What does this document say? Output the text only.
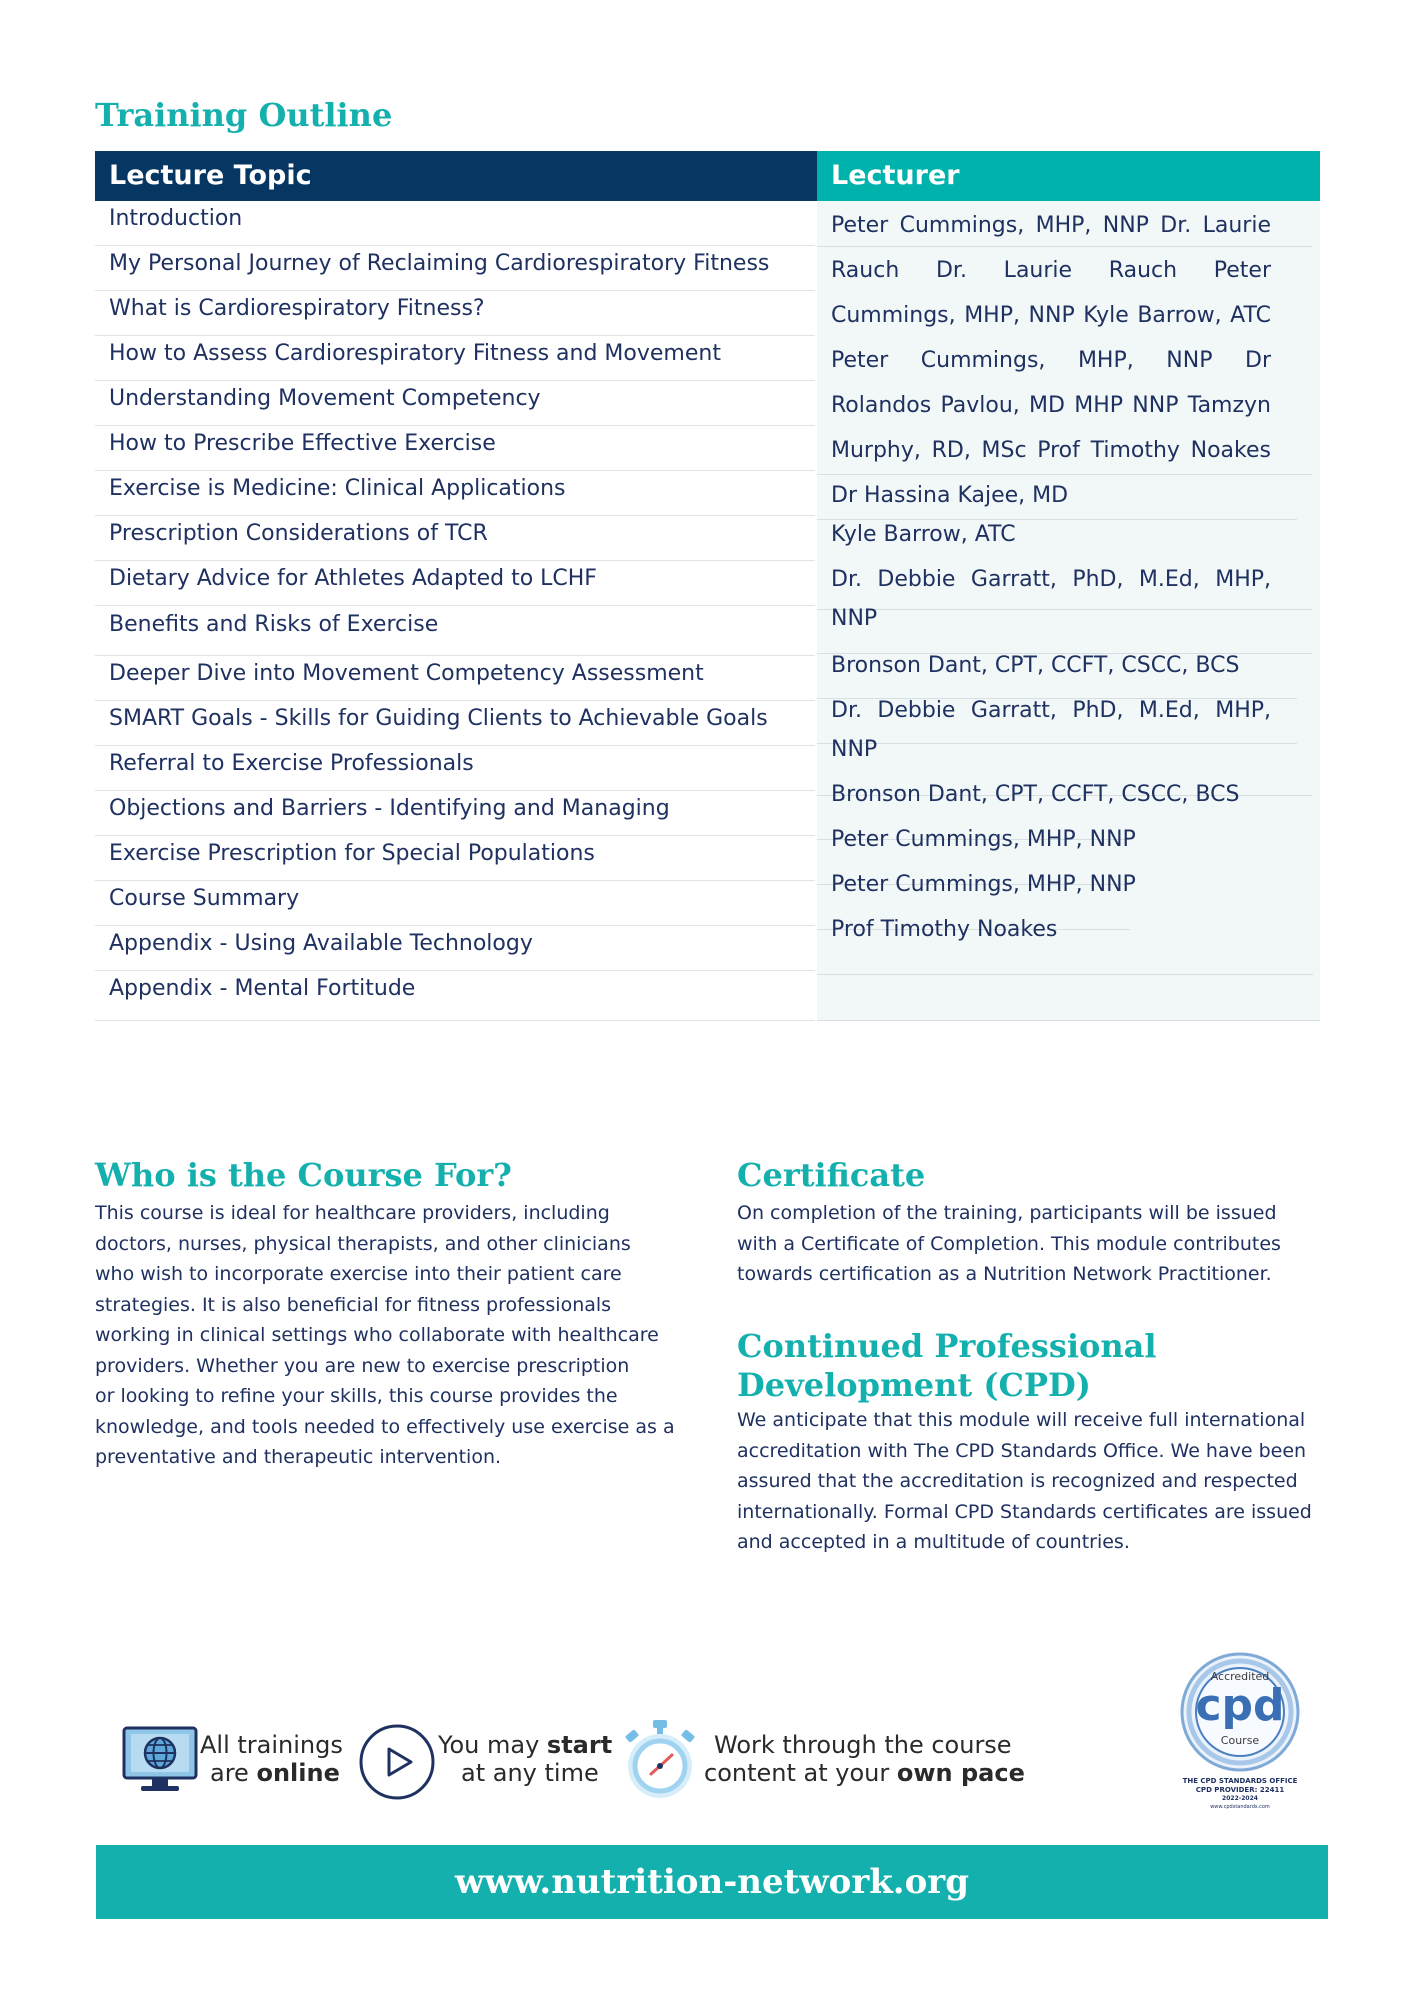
Training Outline
Lecture Topic	Lecturer
Introduction
My Personal Journey of Reclaiming Cardiorespiratory Fitness
What is Cardiorespiratory Fitness?
How to Assess Cardiorespiratory Fitness and Movement
Understanding Movement Competency
How to Prescribe Effective Exercise
Exercise is Medicine: Clinical Applications
Prescription Considerations of TCR
Dietary Advice for Athletes Adapted to LCHF
Benefits and Risks of Exercise
Deeper Dive into Movement Competency Assessment
SMART Goals - Skills for Guiding Clients to Achievable Goals
Referral to Exercise Professionals
Objections and Barriers - Identifying and Managing
Exercise Prescription for Special Populations
Course Summary
Appendix - Using Available Technology
Appendix - Mental Fortitude

Peter Cummings, MHP, NNP Dr. Laurie Rauch Dr. Laurie Rauch Peter Cummings, MHP, NNP Kyle Barrow, ATC Peter Cummings, MHP, NNP Dr Rolandos Pavlou, MD MHP NNP Tamzyn Murphy, RD, MSc Prof Timothy Noakes Dr Hassina Kajee, MD

Kyle Barrow, ATC

Dr. Debbie Garratt, PhD, M.Ed, MHP,

NNP

Bronson Dant, CPT, CCFT, CSCC, BCS

Dr. Debbie Garratt, PhD, M.Ed, MHP,

NNP

Bronson Dant, CPT, CCFT, CSCC, BCS

Peter Cummings, MHP, NNP

Peter Cummings, MHP, NNP

Prof Timothy Noakes

Who is the Course For?

This course is ideal for healthcare providers, including

doctors, nurses, physical therapists, and other clinicians

who wish to incorporate exercise into their patient care

strategies. It is also beneficial for fitness professionals

working in clinical settings who collaborate with healthcare

providers. Whether you are new to exercise prescription

or looking to refine your skills, this course provides the

knowledge, and tools needed to effectively use exercise as a

preventative and therapeutic intervention.

Certificate

On completion of the training, participants will be issued

with a Certificate of Completion. This module contributes

towards certification as a Nutrition Network Practitioner.

Continued Professional
Development (CPD)

We anticipate that this module will receive full international

accreditation with The CPD Standards Office. We have been

assured that the accreditation is recognized and respected

internationally. Formal CPD Standards certificates are issued

and accepted in a multitude of countries.

All trainings

are online

You may start

at any time

Work through the course

content at your own pace

Accredited
cpd
Course
THE CPD STANDARDS OFFICE
CPD PROVIDER: 22411
2022-2024
www.cpdstandards.com
www.nutrition-network.org
